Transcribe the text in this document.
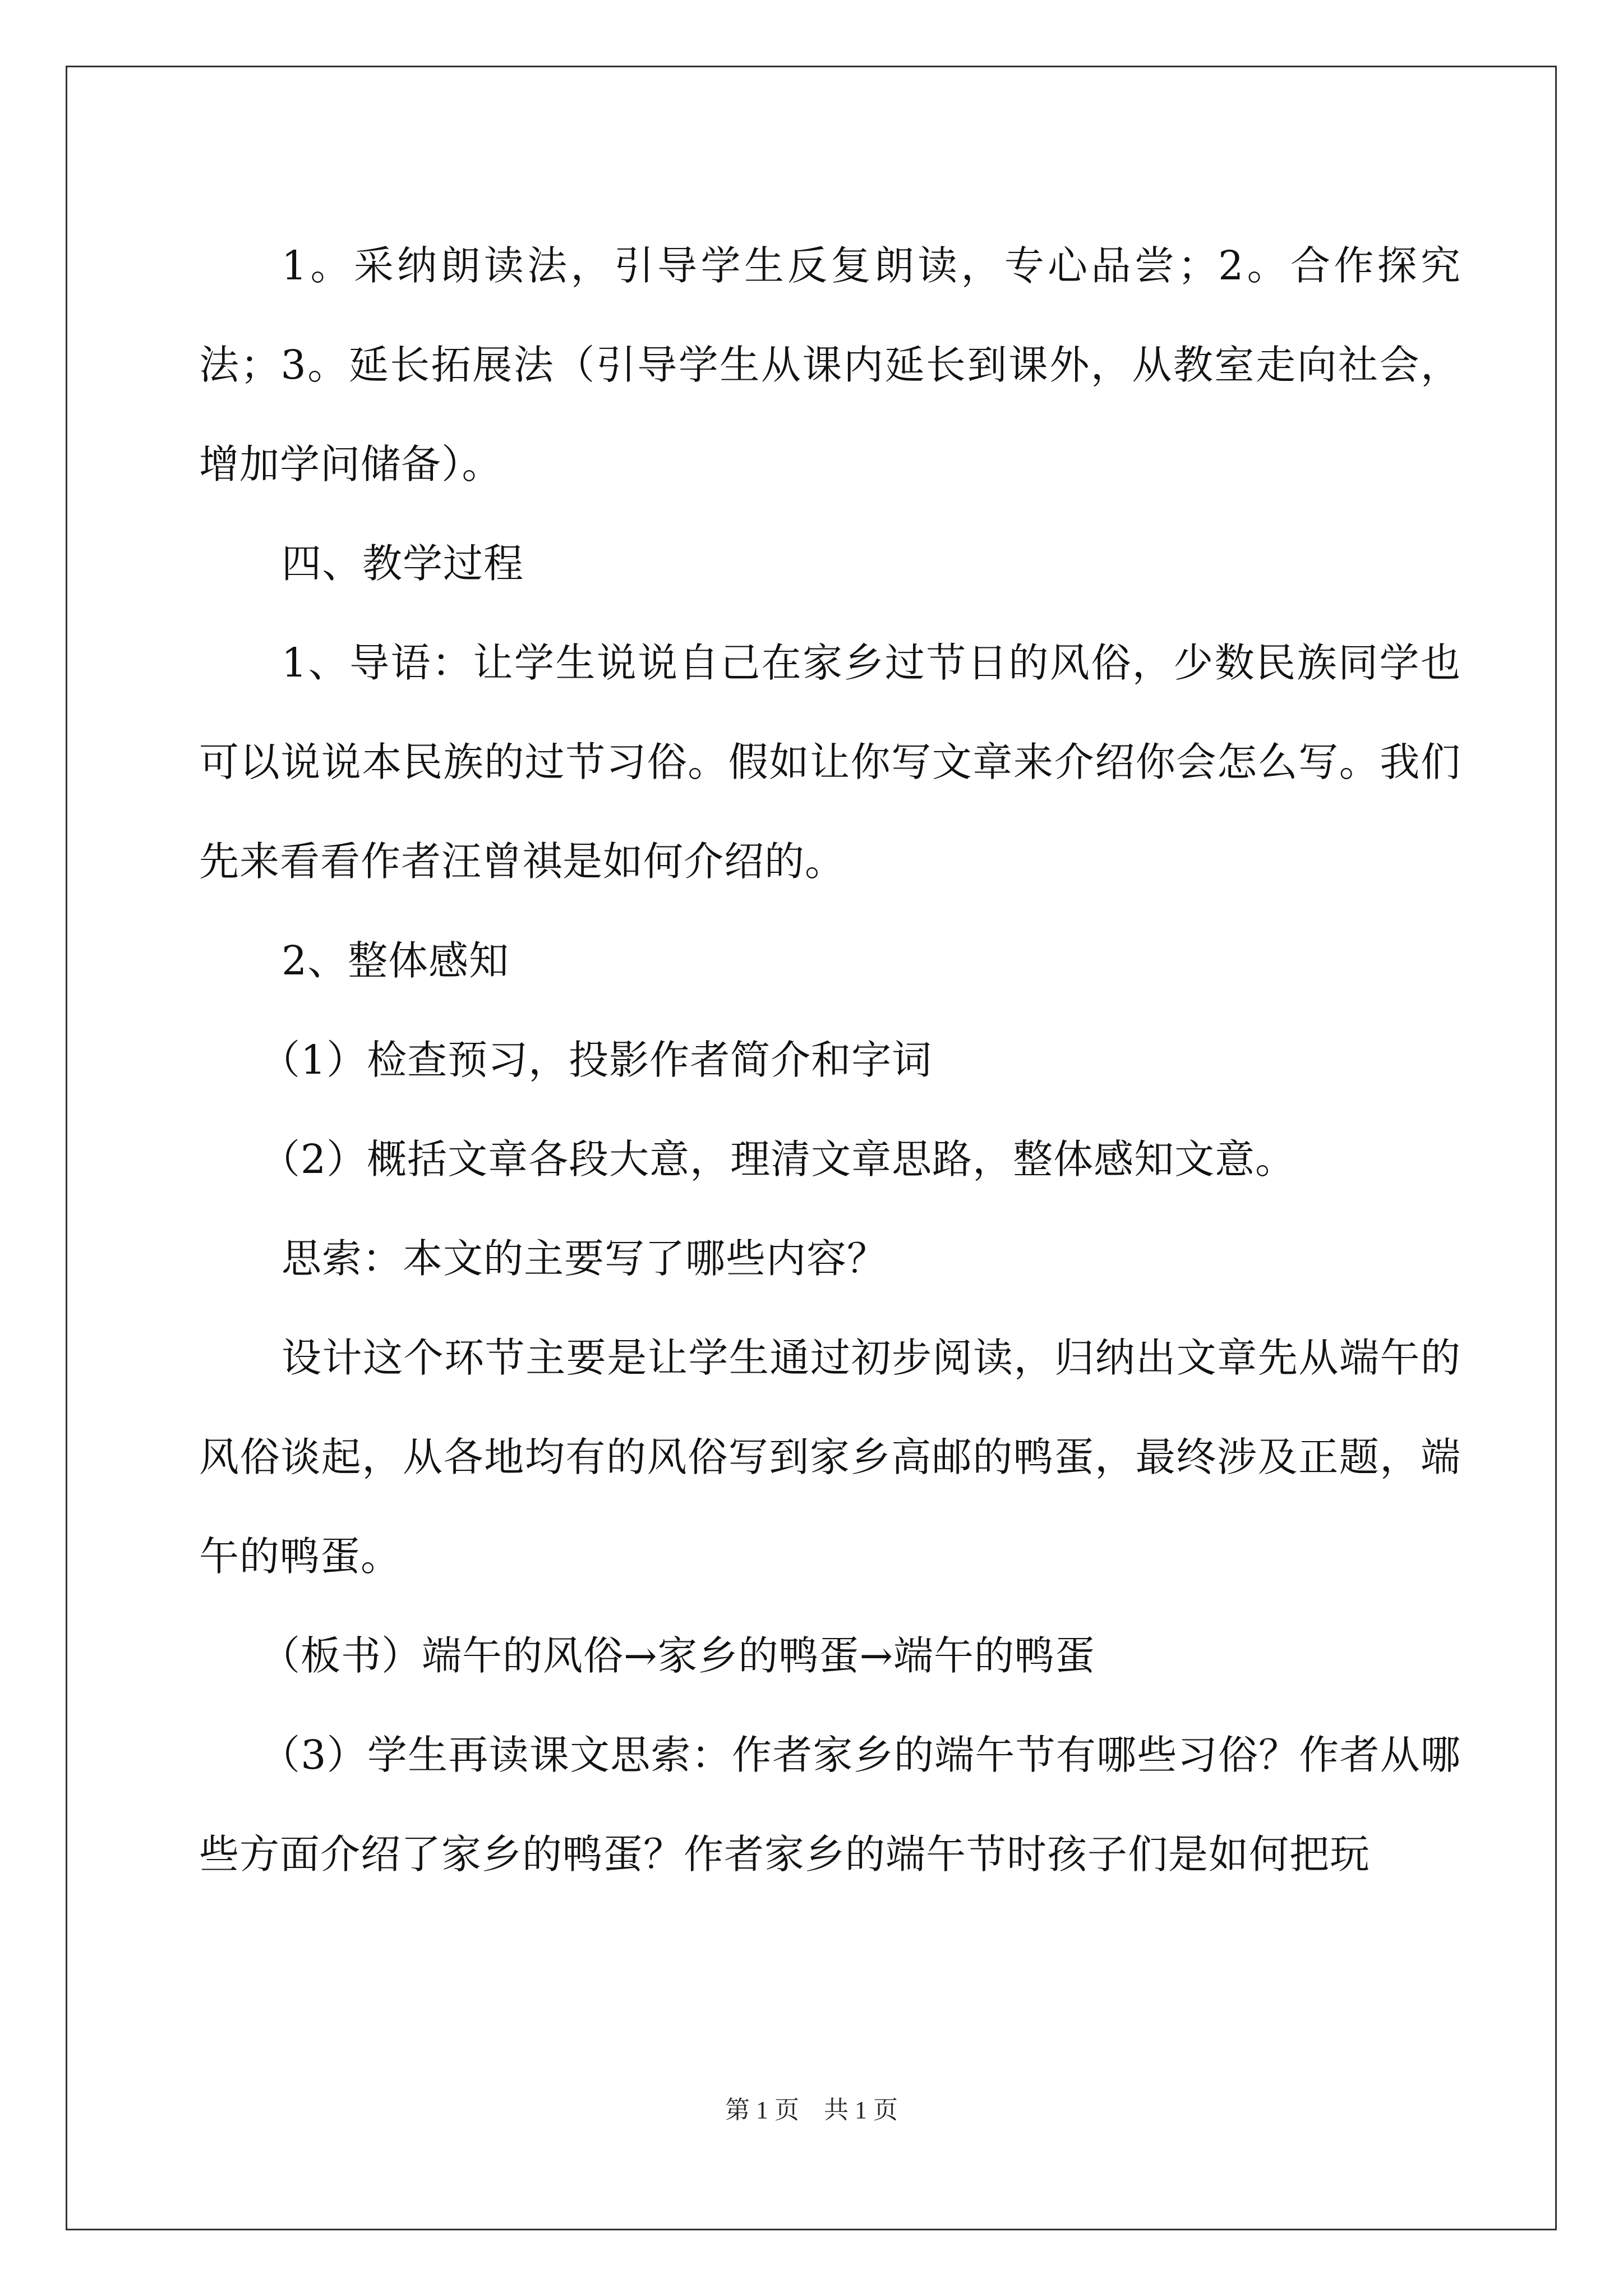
1。采纳朗读法，引导学生反复朗读，专心品尝；2。合作探究法；3。延长拓展法（引导学生从课内延长到课外，从教室走向社会，增加学问储备）。

四、教学过程

1、导语：让学生说说自己在家乡过节日的风俗，少数民族同学也可以说说本民族的过节习俗。假如让你写文章来介绍你会怎么写。我们先来看看作者汪曾祺是如何介绍的。

2、整体感知

（1）检查预习，投影作者简介和字词

（2）概括文章各段大意，理清文章思路，整体感知文意。

思索：本文的主要写了哪些内容？

设计这个环节主要是让学生通过初步阅读，归纳出文章先从端午的风俗谈起，从各地均有的风俗写到家乡高邮的鸭蛋，最终涉及正题，端午的鸭蛋。

（板书）端午的风俗→家乡的鸭蛋→端午的鸭蛋

（3）学生再读课文思索：作者家乡的端午节有哪些习俗？作者从哪些方面介绍了家乡的鸭蛋？作者家乡的端午节时孩子们是如何把玩

第 1 页　共 1 页
